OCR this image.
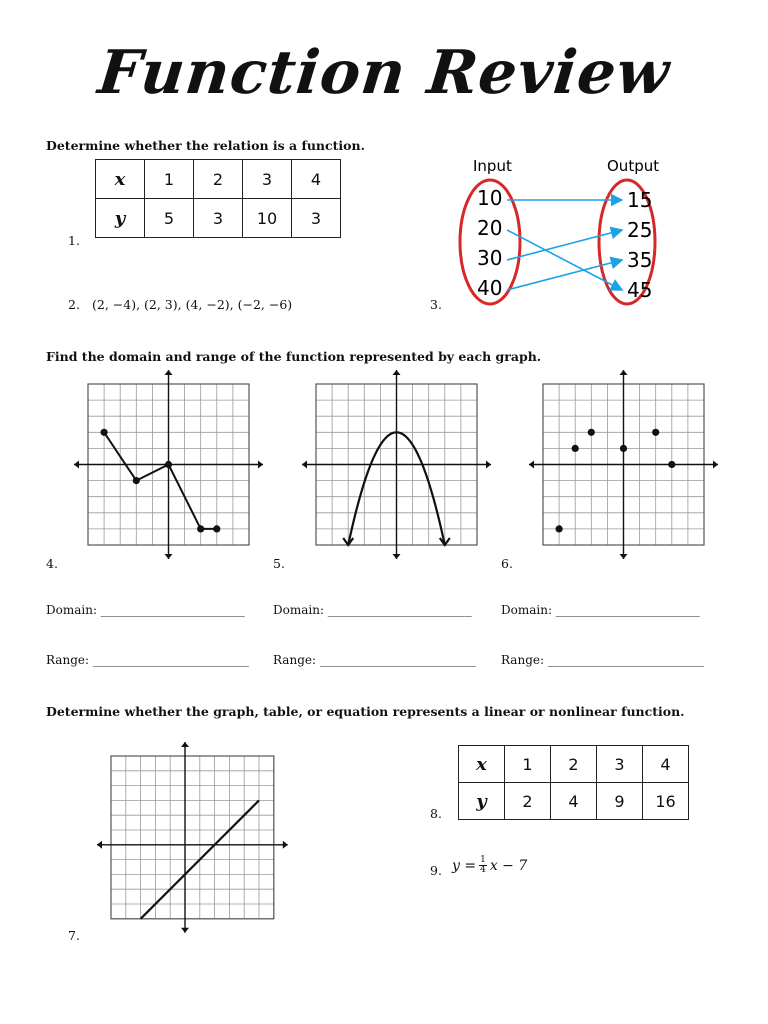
Function Review
Determine whether the relation is a function.
x	1	2	3	4
y	5	3	10	3
1.
2. (2, −4), (2, 3), (4, −2), (−2, −6)	3.
Input	Output
10
20
30
40
15
25
35
45
Find the domain and range of the function represented by each graph.
4.	5.	6.
Domain: ________________________ Domain: ________________________ Domain: ________________________
Range: __________________________ Range: __________________________ Range: __________________________
Determine whether the graph, table, or equation represents a linear or nonlinear function.
7.
x	1	2	3	4
y	2	4	9	16
8.
9. $y = \frac{1}{4}$ x − 7
